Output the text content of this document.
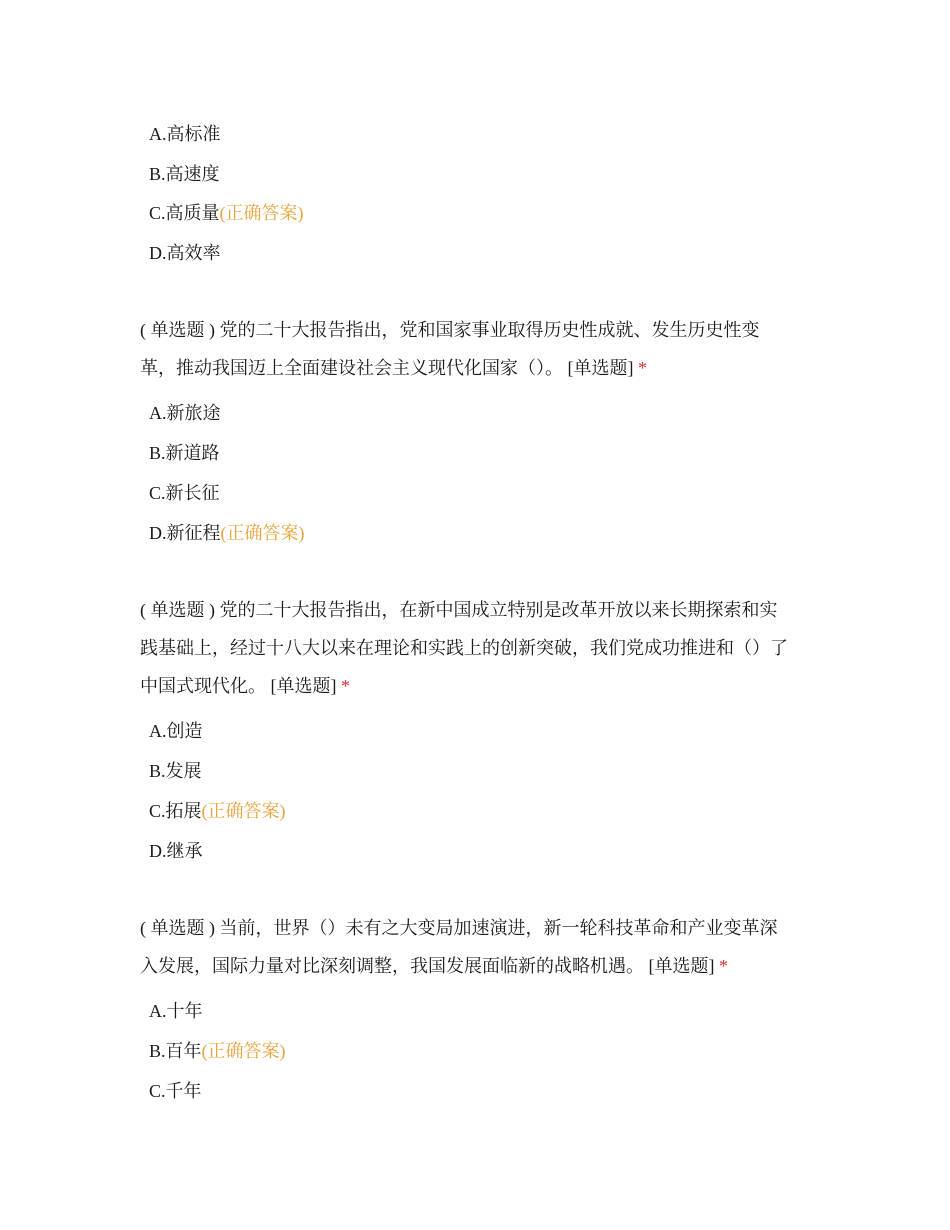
A.高标准
B.高速度
C.高质量(正确答案)
D.高效率
( 单选题 ) 党的二十大报告指出，党和国家事业取得历史性成就、发生历史性变
革，推动我国迈上全面建设社会主义现代化国家（）。 [单选题] *
A.新旅途
B.新道路
C.新长征
D.新征程(正确答案)
( 单选题 ) 党的二十大报告指出，在新中国成立特别是改革开放以来长期探索和实
践基础上，经过十八大以来在理论和实践上的创新突破，我们党成功推进和（）了
中国式现代化。 [单选题] *
A.创造
B.发展
C.拓展(正确答案)
D.继承
( 单选题 ) 当前，世界（）未有之大变局加速演进，新一轮科技革命和产业变革深
入发展，国际力量对比深刻调整，我国发展面临新的战略机遇。 [单选题] *
A.十年
B.百年(正确答案)
C.千年
